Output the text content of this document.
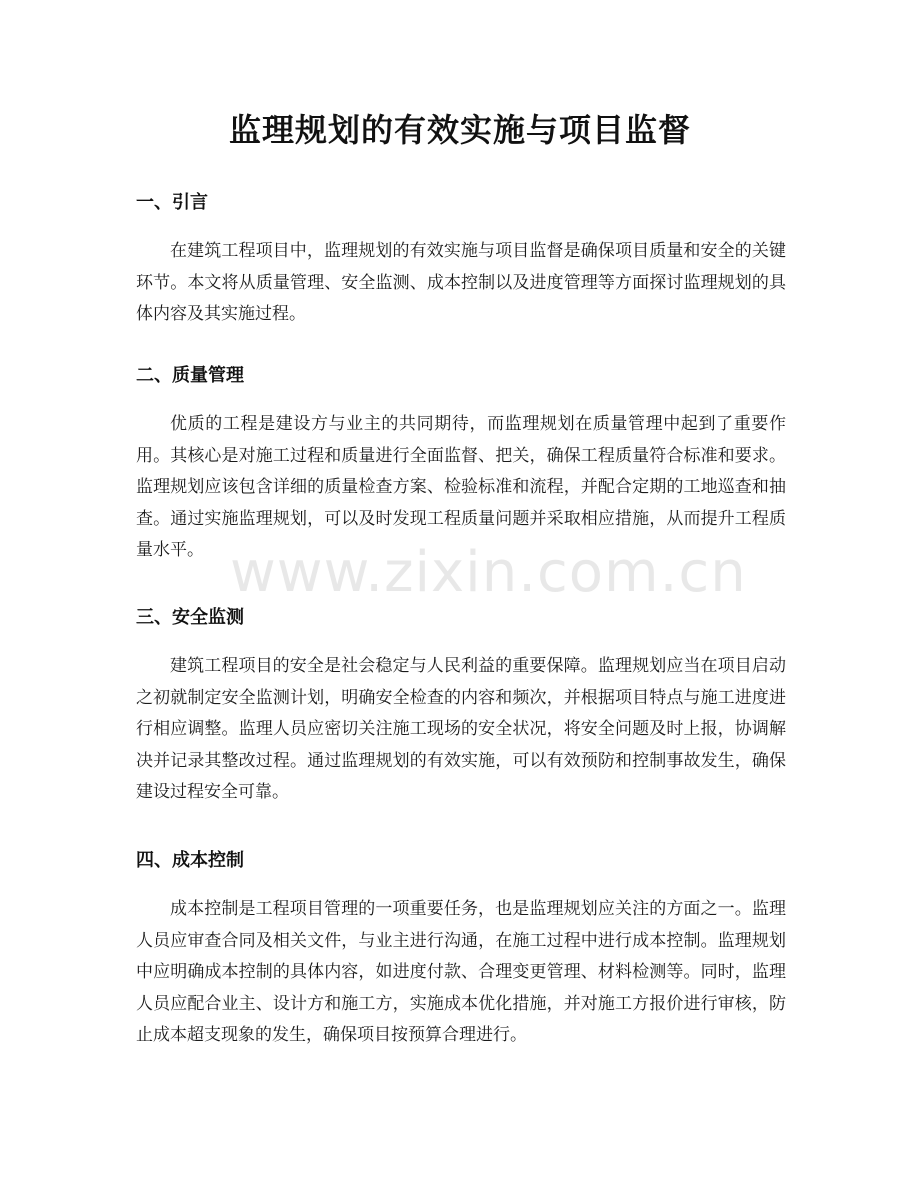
监理规划的有效实施与项目监督
一、引言
在建筑工程项目中，监理规划的有效实施与项目监督是确保项目质量和安全的关键环节。本文将从质量管理、安全监测、成本控制以及进度管理等方面探讨监理规划的具体内容及其实施过程。
二、质量管理
优质的工程是建设方与业主的共同期待，而监理规划在质量管理中起到了重要作用。其核心是对施工过程和质量进行全面监督、把关，确保工程质量符合标准和要求。监理规划应该包含详细的质量检查方案、检验标准和流程，并配合定期的工地巡查和抽查。通过实施监理规划，可以及时发现工程质量问题并采取相应措施，从而提升工程质量水平。
三、安全监测
建筑工程项目的安全是社会稳定与人民利益的重要保障。监理规划应当在项目启动之初就制定安全监测计划，明确安全检查的内容和频次，并根据项目特点与施工进度进行相应调整。监理人员应密切关注施工现场的安全状况，将安全问题及时上报，协调解决并记录其整改过程。通过监理规划的有效实施，可以有效预防和控制事故发生，确保建设过程安全可靠。
四、成本控制
成本控制是工程项目管理的一项重要任务，也是监理规划应关注的方面之一。监理人员应审查合同及相关文件，与业主进行沟通，在施工过程中进行成本控制。监理规划中应明确成本控制的具体内容，如进度付款、合理变更管理、材料检测等。同时，监理人员应配合业主、设计方和施工方，实施成本优化措施，并对施工方报价进行审核，防止成本超支现象的发生，确保项目按预算合理进行。
www.zixin.com.cn
